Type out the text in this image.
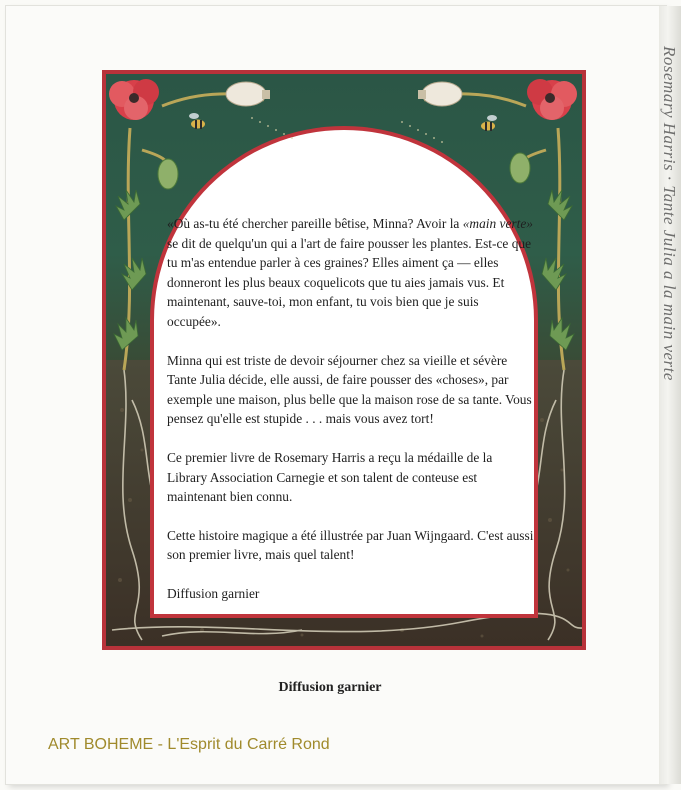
Rosemary Harris · Tante Julia a la main verte

«Où as-tu été chercher pareille bêtise, Minna? Avoir la «main verte» se dit de quelqu'un qui a l'art de faire pousser les plantes. Est-ce que tu m'as entendue parler à ces graines? Elles aiment ça — elles donneront les plus beaux coquelicots que tu aies jamais vus. Et maintenant, sauve-toi, mon enfant, tu vois bien que je suis occupée».

Minna qui est triste de devoir séjourner chez sa vieille et sévère Tante Julia décide, elle aussi, de faire pousser des «choses», par exemple une maison, plus belle que la maison rose de sa tante. Vous pensez qu'elle est stupide . . . mais vous avez tort!

Ce premier livre de Rosemary Harris a reçu la médaille de la Library Association Carnegie et son talent de conteuse est maintenant bien connu.

Cette histoire magique a été illustrée par Juan Wijngaard. C'est aussi son premier livre, mais quel talent!

Diffusion garnier

Diffusion garnier
ART BOHEME - L'Esprit du Carré Rond
